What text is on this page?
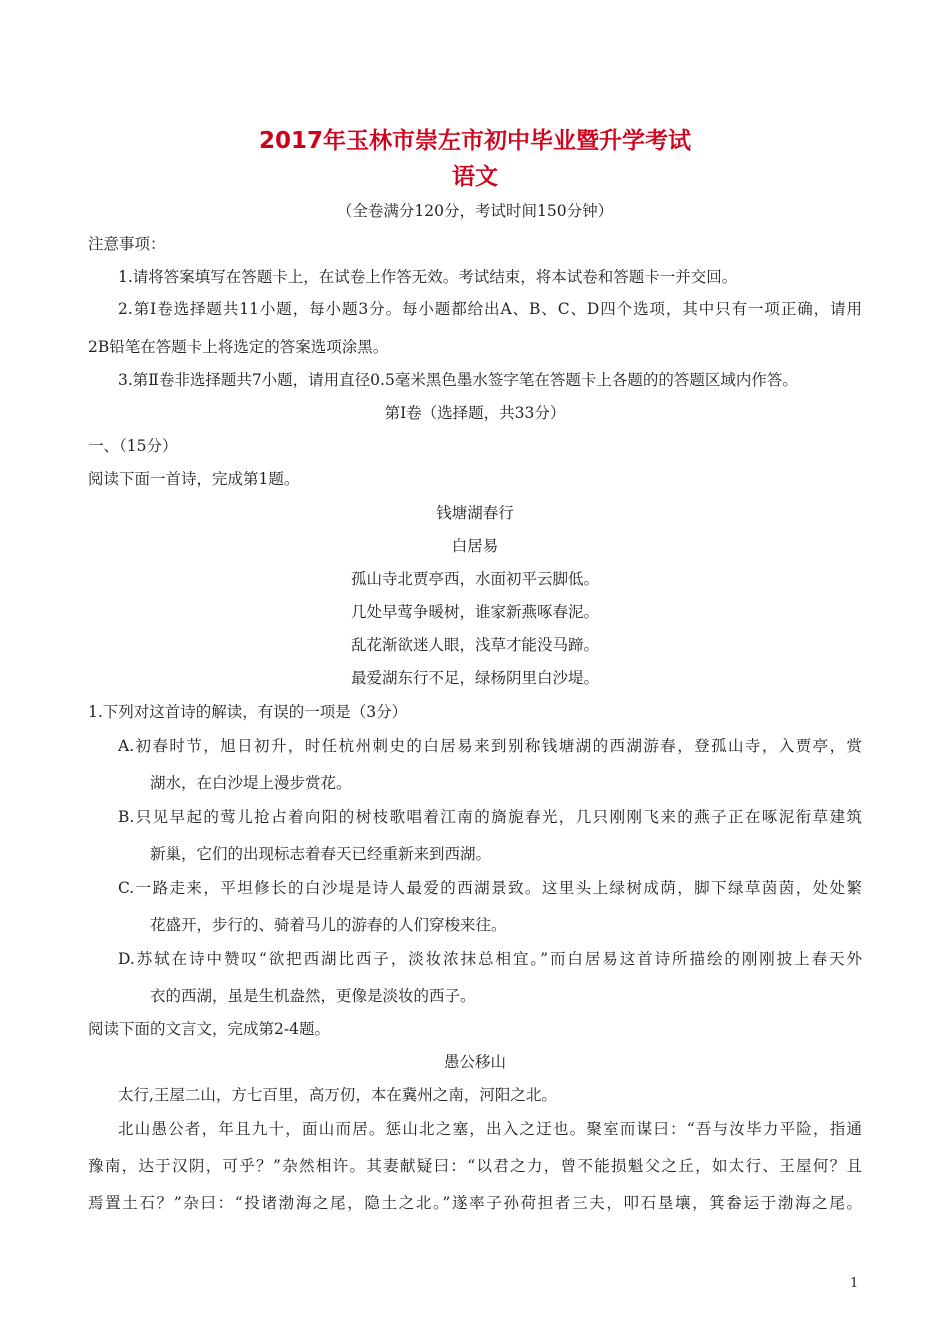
2017年玉林市崇左市初中毕业暨升学考试
语文
（全卷满分120分，考试时间150分钟）
注意事项：
1.请将答案填写在答题卡上，在试卷上作答无效。考试结束，将本试卷和答题卡一并交回。
2.第Ⅰ卷选择题共11小题，每小题3分。每小题都给出A、B、C、D四个选项，其中只有一项正确，请用
2B铅笔在答题卡上将选定的答案选项涂黑。
3.第Ⅱ卷非选择题共7小题，请用直径0.5毫米黑色墨水签字笔在答题卡上各题的的答题区域内作答。
第Ⅰ卷（选择题，共33分）
一、（15分）
阅读下面一首诗，完成第1题。
钱塘湖春行
白居易
孤山寺北贾亭西，水面初平云脚低。
几处早莺争暖树，谁家新燕啄春泥。
乱花渐欲迷人眼，浅草才能没马蹄。
最爱湖东行不足，绿杨阴里白沙堤。
1.下列对这首诗的解读，有误的一项是（3分）
A.初春时节，旭日初升，时任杭州刺史的白居易来到别称钱塘湖的西湖游春，登孤山寺，入贾亭，赏
湖水，在白沙堤上漫步赏花。
B.只见早起的莺儿抢占着向阳的树枝歌唱着江南的旖旎春光，几只刚刚飞来的燕子正在啄泥衔草建筑
新巢，它们的出现标志着春天已经重新来到西湖。
C.一路走来，平坦修长的白沙堤是诗人最爱的西湖景致。这里头上绿树成荫，脚下绿草茵茵，处处繁
花盛开，步行的、骑着马儿的游春的人们穿梭来往。
D.苏轼在诗中赞叹“欲把西湖比西子，淡妆浓抹总相宜。”而白居易这首诗所描绘的刚刚披上春天外
衣的西湖，虽是生机盎然，更像是淡妆的西子。
阅读下面的文言文，完成第2-4题。
愚公移山
太行,王屋二山，方七百里，高万仞，本在冀州之南，河阳之北。
北山愚公者，年且九十，面山而居。惩山北之塞，出入之迂也。聚室而谋曰：“吾与汝毕力平险，指通
豫南，达于汉阴，可乎？”杂然相许。其妻献疑曰：“以君之力，曾不能损魁父之丘，如太行、王屋何？且
焉置土石？”杂曰：“投诸渤海之尾，隐土之北。”遂率子孙荷担者三夫，叩石垦壤，箕畚运于渤海之尾。
1
